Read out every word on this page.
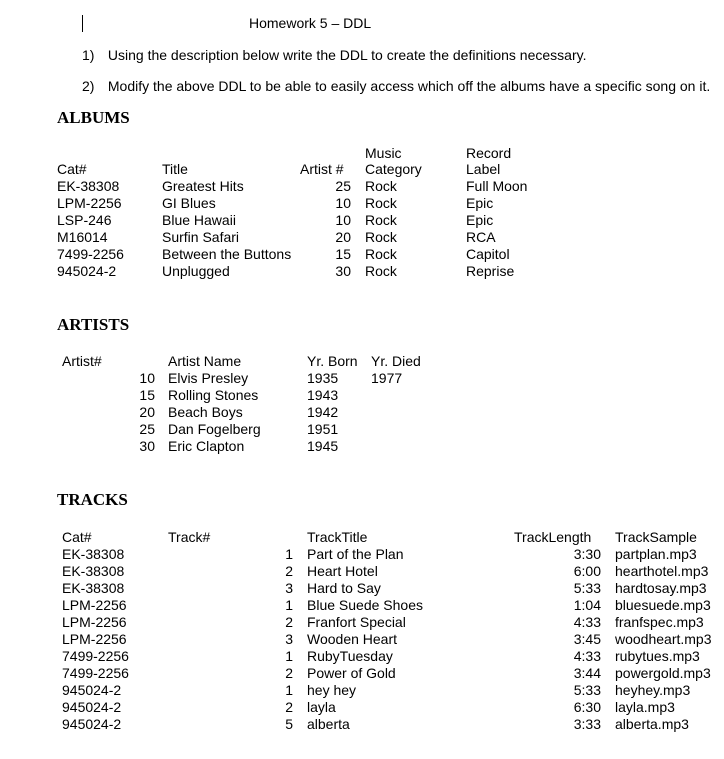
Homework 5 – DDL
1) Using the description below write the DDL to create the definitions necessary.
2) Modify the above DDL to be able to easily access which off the albums have a specific song on it.
ALBUMS
Music	Record
Cat#	Title	Artist # Category	Label
EK-38308	Greatest Hits	25 Rock	Full Moon
LPM-2256	GI Blues	10 Rock	Epic
LSP-246	Blue Hawaii	10 Rock	Epic
M16014	Surfin Safari	20 Rock	RCA
7499-2256	Between the Buttons	15 Rock	Capitol
945024-2	Unplugged	30 Rock	Reprise
ARTISTS
Artist#	Artist Name	Yr. Born Yr. Died
10 Elvis Presley	1935 1977
15 Rolling Stones	1943
20 Beach Boys	1942
25 Dan Fogelberg	1951
30 Eric Clapton	1945
TRACKS
Cat#	Track#	TrackTitle	TrackLength TrackSample
EK-38308	1 Part of the Plan	3:30 partplan.mp3
EK-38308	2 Heart Hotel	6:00 hearthotel.mp3
EK-38308	3 Hard to Say	5:33 hardtosay.mp3
LPM-2256	1 Blue Suede Shoes	1:04 bluesuede.mp3
LPM-2256	2 Franfort Special	4:33 franfspec.mp3
LPM-2256	3 Wooden Heart	3:45 woodheart.mp3
7499-2256	1 RubyTuesday	4:33 rubytues.mp3
7499-2256	2 Power of Gold	3:44 powergold.mp3
945024-2	1 hey hey	5:33 heyhey.mp3
945024-2	2 layla	6:30 layla.mp3
945024-2	5 alberta	3:33 alberta.mp3
